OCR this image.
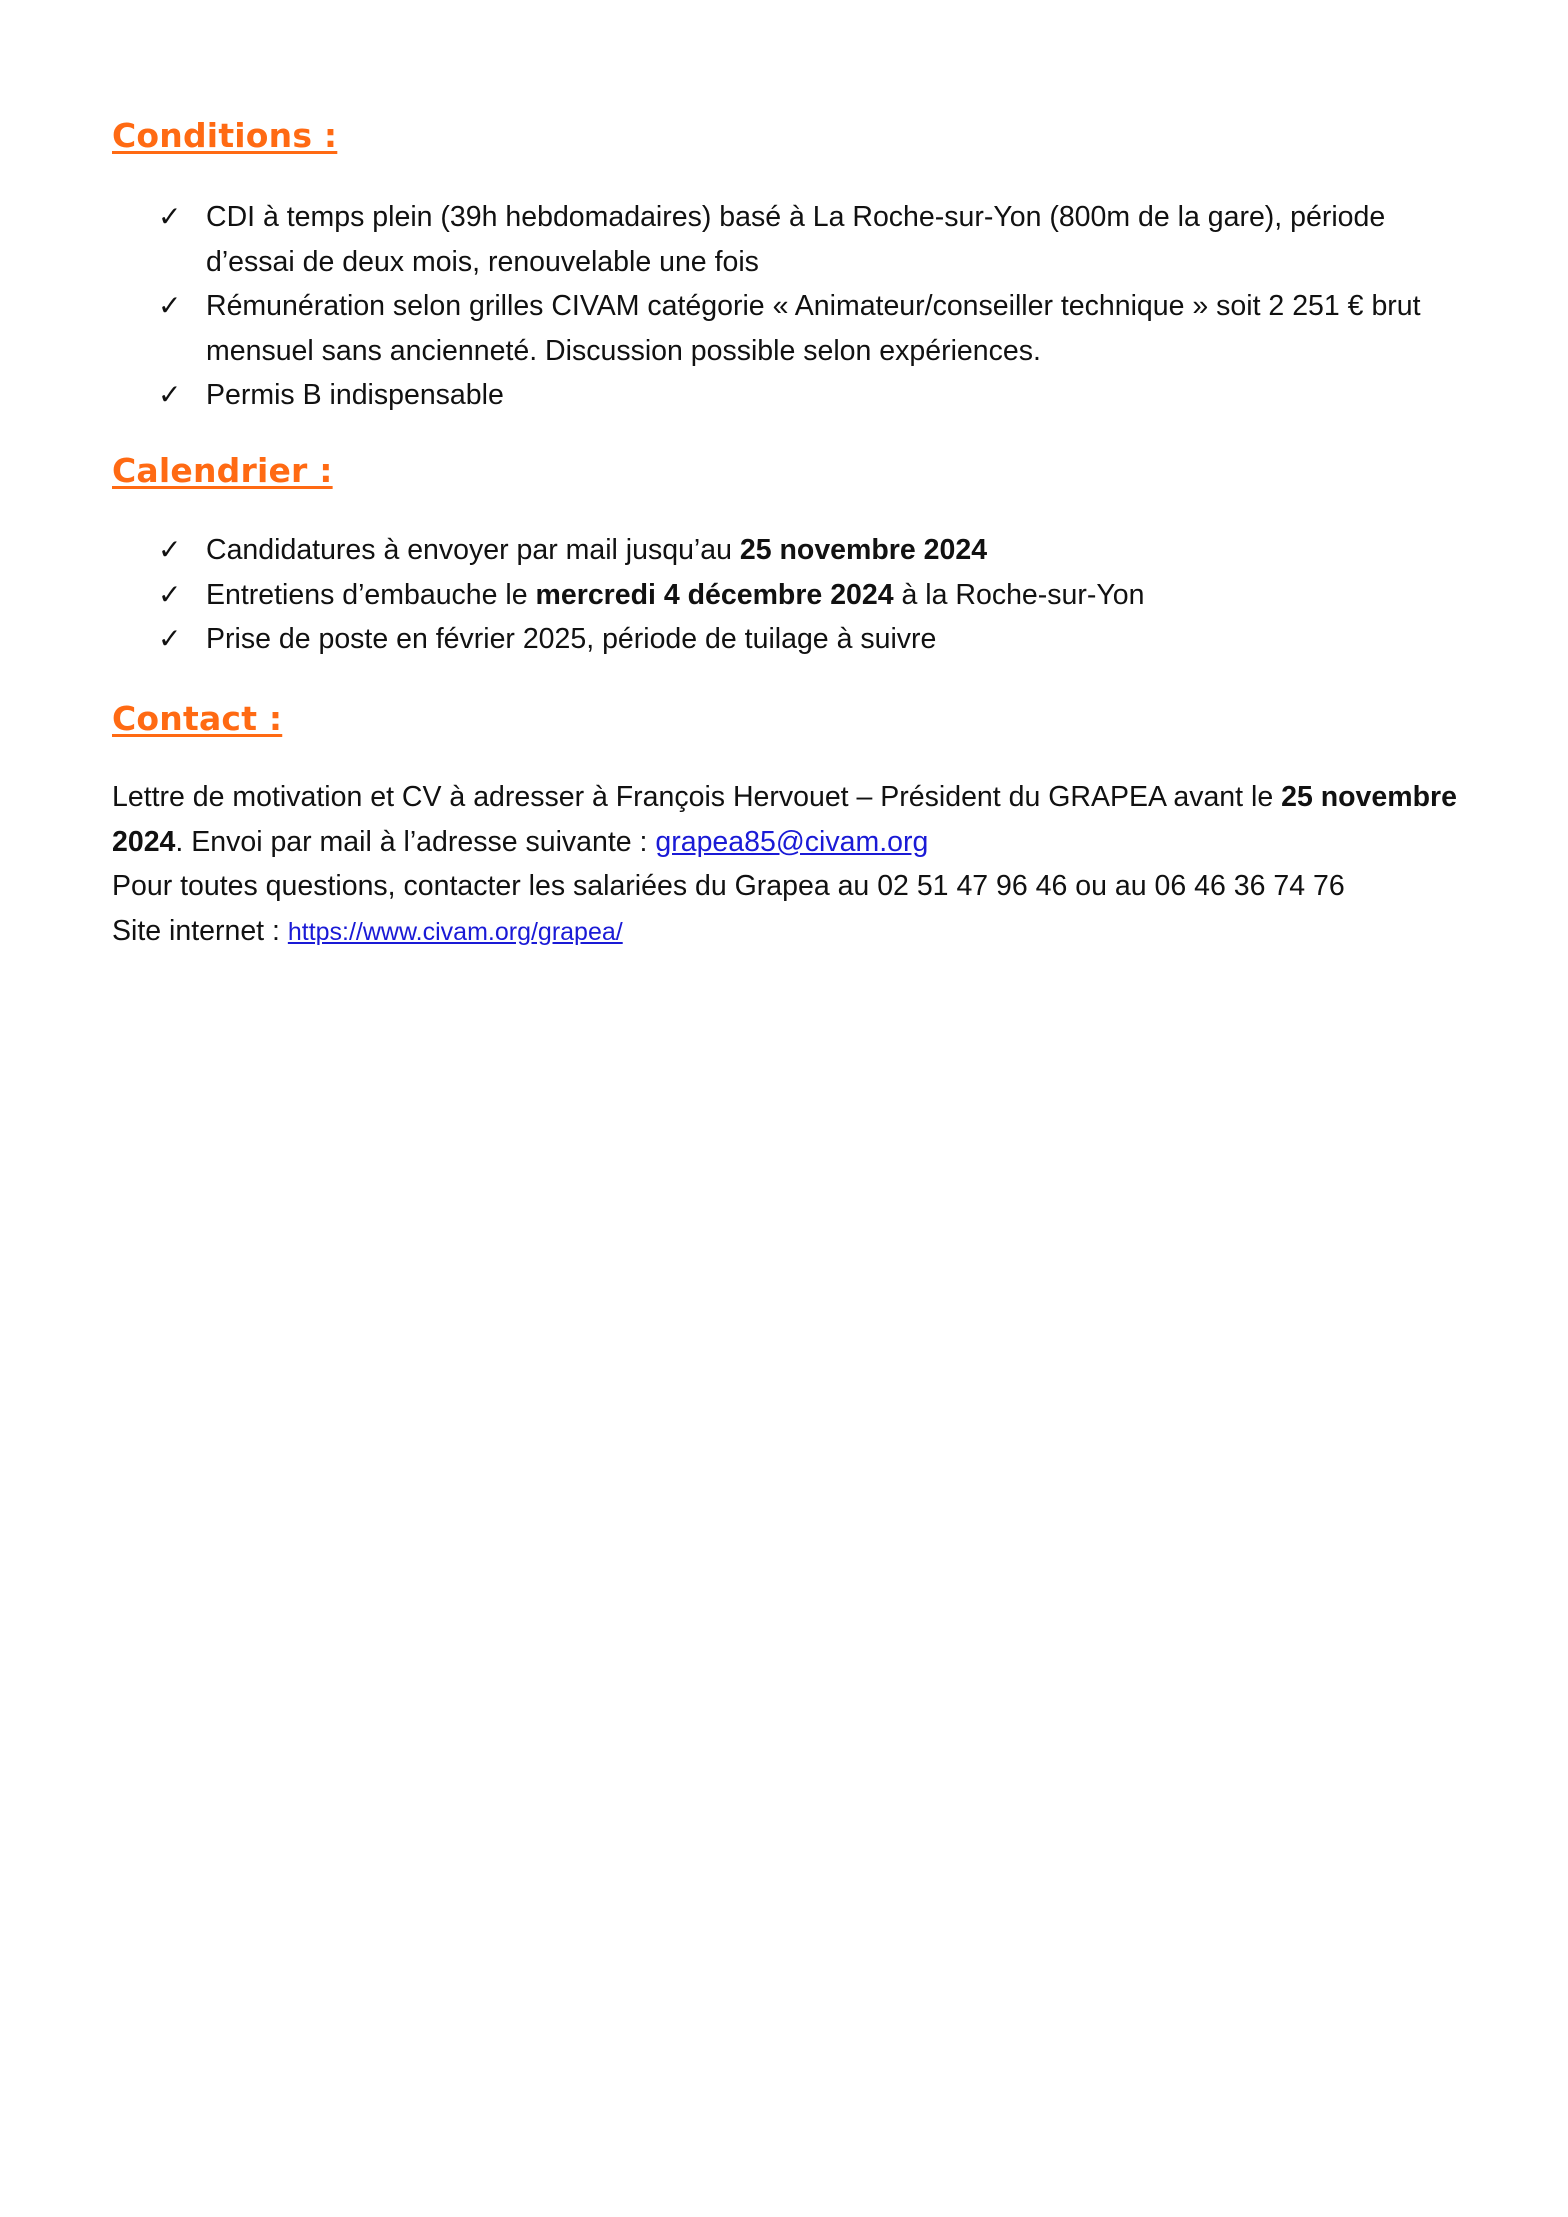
Conditions :
✓ CDI à temps plein (39h hebdomadaires) basé à La Roche-sur-Yon (800m de la gare), période d’essai de deux mois, renouvelable une fois
✓ Rémunération selon grilles CIVAM catégorie « Animateur/conseiller technique » soit 2 251 € brut mensuel sans ancienneté. Discussion possible selon expériences.
✓ Permis B indispensable
Calendrier :
✓ Candidatures à envoyer par mail jusqu’au 25 novembre 2024
✓ Entretiens d’embauche le mercredi 4 décembre 2024 à la Roche-sur-Yon
✓ Prise de poste en février 2025, période de tuilage à suivre
Contact :

Lettre de motivation et CV à adresser à François Hervouet – Président du GRAPEA avant le 25 novembre 2024. Envoi par mail à l’adresse suivante : grapea85@civam.org
Pour toutes questions, contacter les salariées du Grapea au 02 51 47 96 46 ou au 06 46 36 74 76
Site internet : https://www.civam.org/grapea/
